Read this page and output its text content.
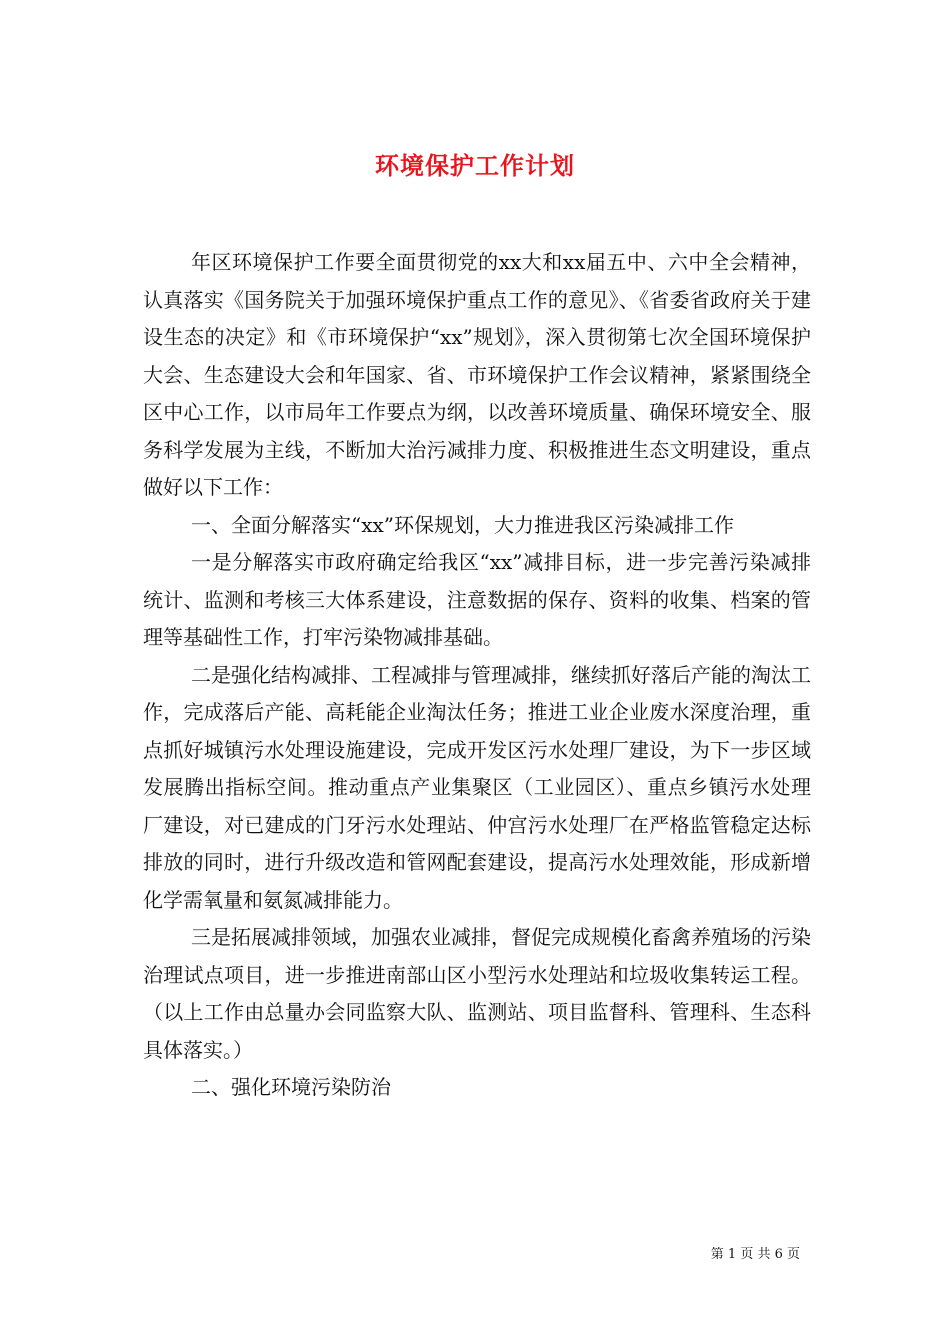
环境保护工作计划

年区环境保护工作要全面贯彻党的xx大和xx届五中、六中全会精神，认真落实《国务院关于加强环境保护重点工作的意见》、《省委省政府关于建设生态的决定》和《市环境保护“xx”规划》，深入贯彻第七次全国环境保护大会、生态建设大会和年国家、省、市环境保护工作会议精神，紧紧围绕全区中心工作，以市局年工作要点为纲，以改善环境质量、确保环境安全、服务科学发展为主线，不断加大治污减排力度、积极推进生态文明建设，重点做好以下工作：

一、全面分解落实“xx”环保规划，大力推进我区污染减排工作

一是分解落实市政府确定给我区“xx”减排目标，进一步完善污染减排统计、监测和考核三大体系建设，注意数据的保存、资料的收集、档案的管理等基础性工作，打牢污染物减排基础。

二是强化结构减排、工程减排与管理减排，继续抓好落后产能的淘汰工作，完成落后产能、高耗能企业淘汰任务；推进工业企业废水深度治理，重点抓好城镇污水处理设施建设，完成开发区污水处理厂建设，为下一步区域发展腾出指标空间。推动重点产业集聚区（工业园区）、重点乡镇污水处理厂建设，对已建成的门牙污水处理站、仲宫污水处理厂在严格监管稳定达标排放的同时，进行升级改造和管网配套建设，提高污水处理效能，形成新增化学需氧量和氨氮减排能力。

三是拓展减排领域，加强农业减排，督促完成规模化畜禽养殖场的污染治理试点项目，进一步推进南部山区小型污水处理站和垃圾收集转运工程。（以上工作由总量办会同监察大队、监测站、项目监督科、管理科、生态科具体落实。）

二、强化环境污染防治

第 1 页 共 6 页
